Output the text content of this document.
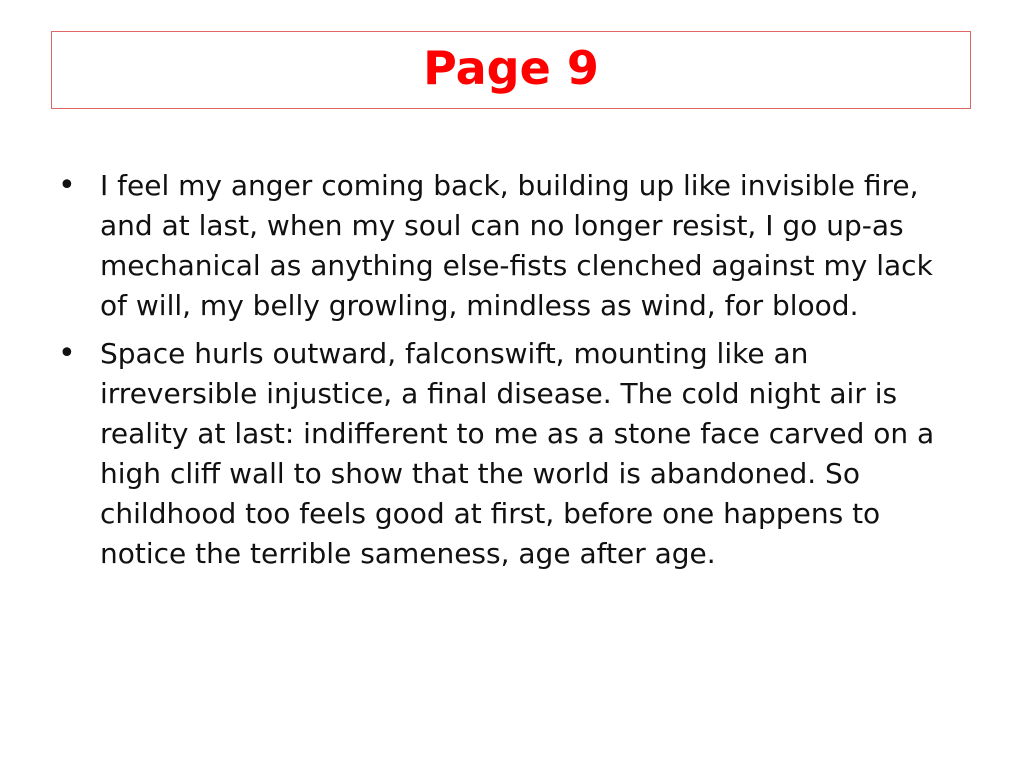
Page 9
• I feel my anger coming back, building up like invisible fire, and at last, when my soul can no longer resist, I go up-as mechanical as anything else-fists clenched against my lack of will, my belly growling, mindless as wind, for blood.
• Space hurls outward, falconswift, mounting like an irreversible injustice, a final disease. The cold night air is reality at last: indifferent to me as a stone face carved on a high cliff wall to show that the world is abandoned. So childhood too feels good at first, before one happens to notice the terrible sameness, age after age.
